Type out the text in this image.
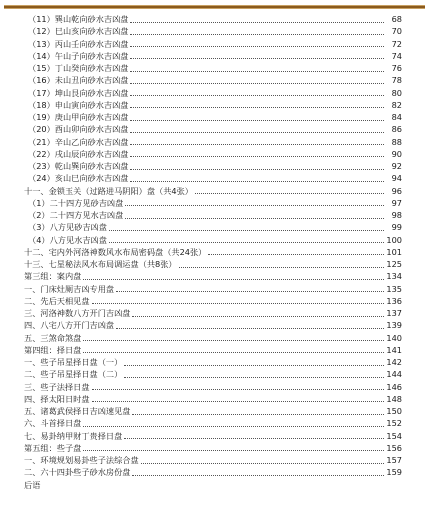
（11）巽山乾向砂水吉凶盘	68
（12）巳山亥向砂水吉凶盘	70
（13）丙山壬向砂水吉凶盘	72
（14）午山子向砂水吉凶盘	74
（15）丁山癸向砂水吉凶盘	76
（16）未山丑向砂水吉凶盘	78
（17）坤山艮向砂水吉凶盘	80
（18）申山寅向砂水吉凶盘	82
（19）庚山甲向砂水吉凶盘	84
（20）酉山卯向砂水吉凶盘	86
（21）辛山乙向砂水吉凶盘	88
（22）戌山辰向砂水吉凶盘	90
（23）乾山巽向砂水吉凶盘	92
（24）亥山巳向砂水吉凶盘	94
十一、金锁玉关（过路进马阴阳）盘（共4张）	96
（1）二十四方见砂吉凶盘	97
（2）二十四方见水吉凶盘	98
（3）八方见砂吉凶盘	99
（4）八方见水吉凶盘	100
十二、宅内外河洛神数风水布局密码盘（共24张）	101
十三、七星秘法风水布局调运盘（共8张）	125
第三组：案内盘	134
一、门床灶厕吉凶专用盘	135
二、先后天相见盘	136
三、河洛神数八方开门吉凶盘	137
四、八宅八方开门吉凶盘	139
五、三煞命煞盘	140
第四组：择日盘	141
一、些子吊星择日盘（一）	142
二、些子吊星择日盘（二）	144
三、些子法择日盘	146
四、择太阳日时盘	148
五、诸葛武侯择日吉凶速见盘	150
六、斗首择日盘	152
七、易卦纳甲财丁贵择日盘	154
第五组：些子盘	156
一、环境规划易卦些子法综合盘	157
二、六十四卦些子砂水房份盘	159
后语
